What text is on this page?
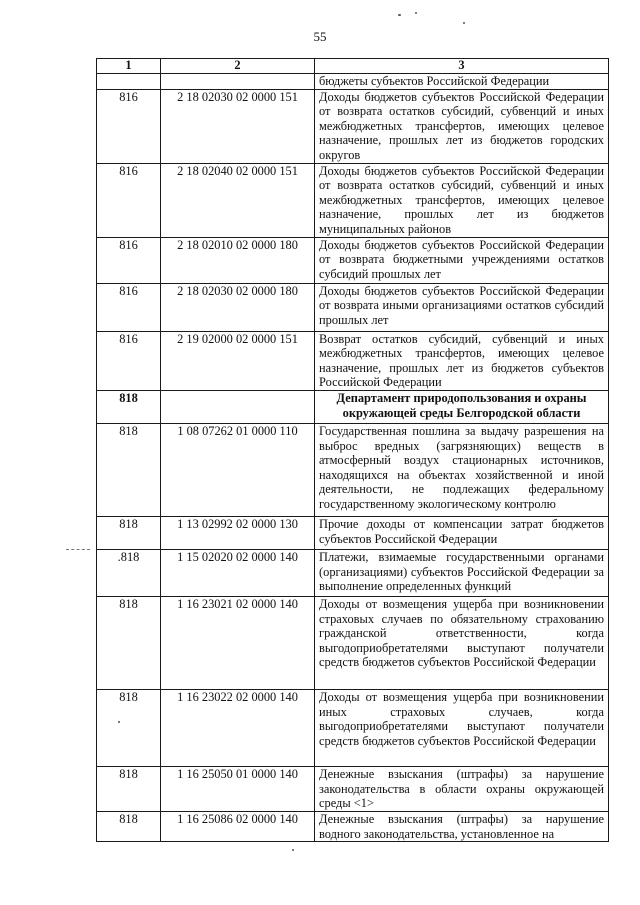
55
1	2	3
		бюджеты субъектов Российской Федерации
816	2 18 02030 02 0000 151	Доходы бюджетов субъектов Российской Федерации от возврата остатков субсидий, субвенций и иных межбюджетных трансфертов, имеющих целевое назначение, прошлых лет из бюджетов городских округов
816	2 18 02040 02 0000 151	Доходы бюджетов субъектов Российской Федерации от возврата остатков субсидий, субвенций и иных межбюджетных трансфертов, имеющих целевое назначение, прошлых лет из бюджетов муниципальных районов
816	2 18 02010 02 0000 180	Доходы бюджетов субъектов Российской Федерации от возврата бюджетными учреждениями остатков субсидий прошлых лет
816	2 18 02030 02 0000 180	Доходы бюджетов субъектов Российской Федерации от возврата иными организациями остатков субсидий прошлых лет
816	2 19 02000 02 0000 151	Возврат остатков субсидий, субвенций и иных межбюджетных трансфертов, имеющих целевое назначение, прошлых лет из бюджетов субъектов Российской Федерации
818		Департамент природопользования и охраны окружающей среды Белгородской области
818	1 08 07262 01 0000 110	Государственная пошлина за выдачу разрешения на выброс вредных (загрязняющих) веществ в атмосферный воздух стационарных источников, находящихся на объектах хозяйственной и иной деятельности, не подлежащих федеральному государственному экологическому контролю
818	1 13 02992 02 0000 130	Прочие доходы от компенсации затрат бюджетов субъектов Российской Федерации
.818	1 15 02020 02 0000 140	Платежи, взимаемые государственными органами (организациями) субъектов Российской Федерации за выполнение определенных функций
818	1 16 23021 02 0000 140	Доходы от возмещения ущерба при возникновении страховых случаев по обязательному страхованию гражданской ответственности, когда выгодоприобретателями выступают получатели средств бюджетов субъектов Российской Федерации
818	1 16 23022 02 0000 140	Доходы от возмещения ущерба при возникновении иных страховых случаев, когда выгодоприобретателями выступают получатели средств бюджетов субъектов Российской Федерации
818	1 16 25050 01 0000 140	Денежные взыскания (штрафы) за нарушение законодательства в области охраны окружающей среды <1>
818	1 16 25086 02 0000 140	Денежные взыскания (штрафы) за нарушение водного законодательства, установленное на
